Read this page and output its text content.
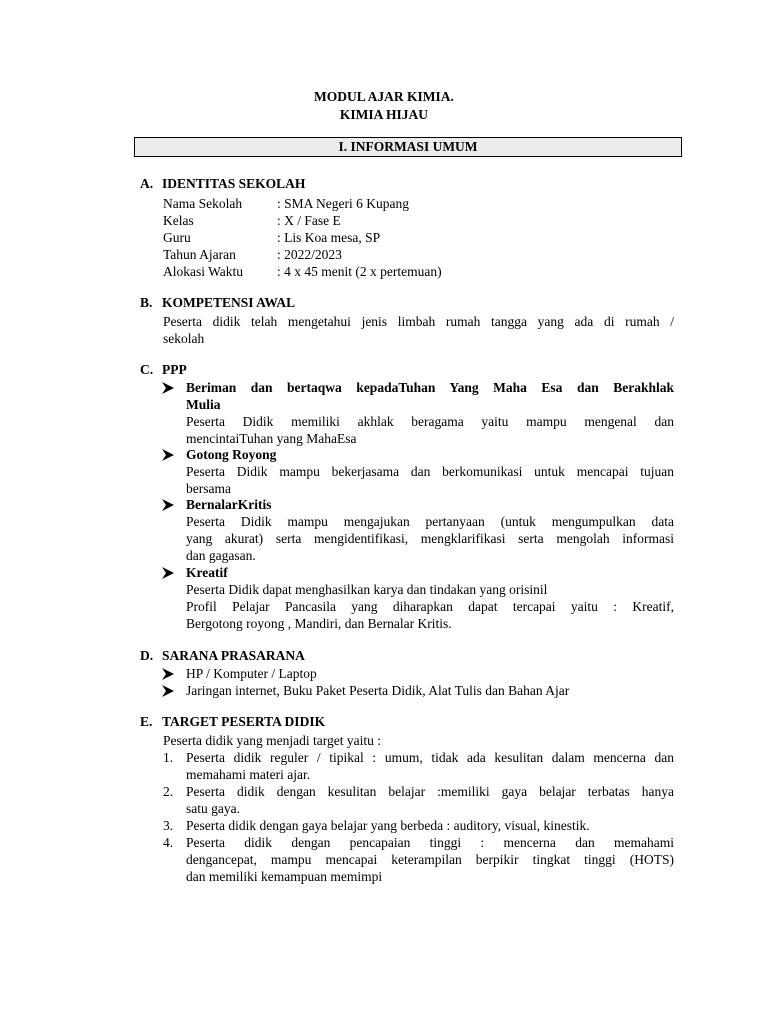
MODUL AJAR KIMIA.
KIMIA HIJAU
I. INFORMASI UMUM
A. IDENTITAS SEKOLAH
Nama Sekolah	: SMA Negeri 6 Kupang
Kelas	: X / Fase E
Guru	: Lis Koa mesa, SP
Tahun Ajaran	: 2022/2023
Alokasi Waktu	: 4 x 45 menit (2 x pertemuan)
B. KOMPETENSI AWAL
Peserta didik telah mengetahui jenis limbah rumah tangga yang ada di rumah /
sekolah
C. PPP
Beriman dan bertaqwa kepadaTuhan Yang Maha Esa dan Berakhlak
Mulia
Peserta Didik memiliki akhlak beragama yaitu mampu mengenal dan
mencintaiTuhan yang MahaEsa
Gotong Royong
Peserta Didik mampu bekerjasama dan berkomunikasi untuk mencapai tujuan
bersama
BernalarKritis
Peserta Didik mampu mengajukan pertanyaan (untuk mengumpulkan data
yang akurat) serta mengidentifikasi, mengklarifikasi serta mengolah informasi
dan gagasan.
Kreatif
Peserta Didik dapat menghasilkan karya dan tindakan yang orisinil
Profil Pelajar Pancasila yang diharapkan dapat tercapai yaitu : Kreatif,
Bergotong royong , Mandiri, dan Bernalar Kritis.
D. SARANA PRASARANA
HP / Komputer / Laptop
Jaringan internet, Buku Paket Peserta Didik, Alat Tulis dan Bahan Ajar
E. TARGET PESERTA DIDIK
Peserta didik yang menjadi target yaitu :
1. Peserta didik reguler / tipikal : umum, tidak ada kesulitan dalam mencerna dan
memahami materi ajar.
2. Peserta didik dengan kesulitan belajar :memiliki gaya belajar terbatas hanya
satu gaya.
3. Peserta didik dengan gaya belajar yang berbeda : auditory, visual, kinestik.
4. Peserta didik dengan pencapaian tinggi : mencerna dan memahami
dengancepat, mampu mencapai keterampilan berpikir tingkat tinggi (HOTS)
dan memiliki kemampuan memimpi
